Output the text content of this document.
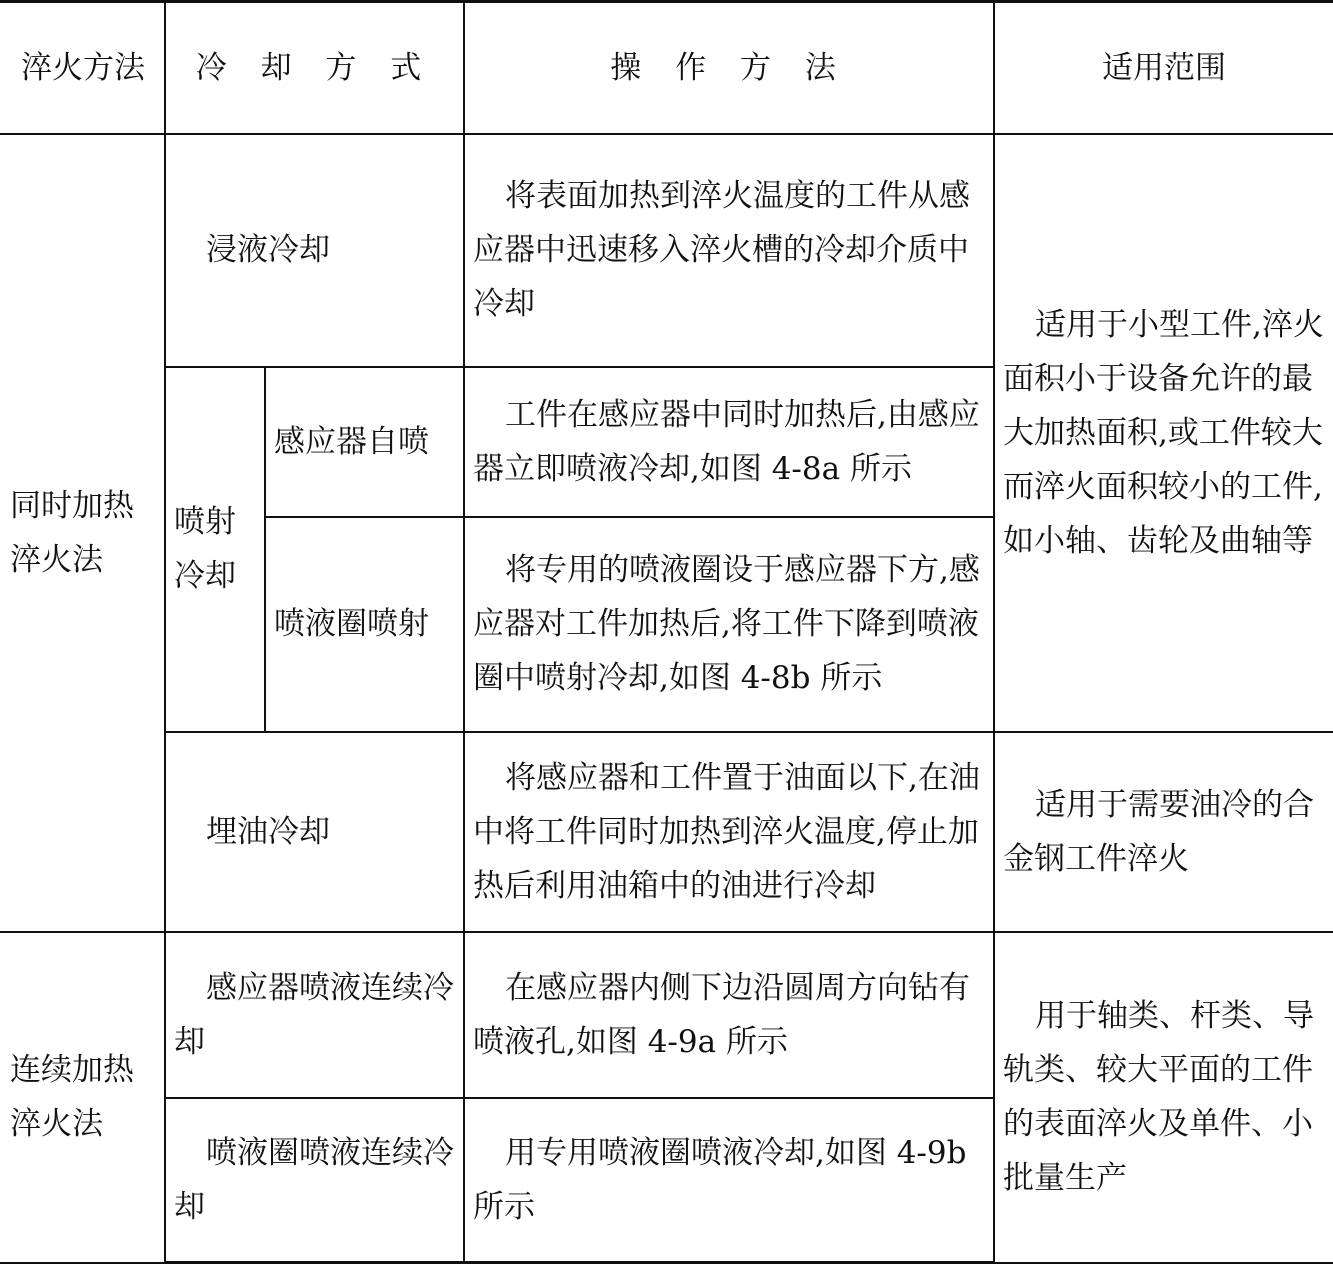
淬火方法	冷 却 方 式		操 作 方 法	适用范围
同时加热淬火法	浸液冷却		将表面加热到淬火温度的工件从感应器中迅速移入淬火槽的冷却介质中冷却	适用于小型工件,淬火面积小于设备允许的最大加热面积,或工件较大而淬火面积较小的工件,如小轴、齿轮及曲轴等
	喷射冷却	感应器自喷	工件在感应器中同时加热后,由感应器立即喷液冷却,如图 4-8a 所示	
		喷液圈喷射	将专用的喷液圈设于感应器下方,感应器对工件加热后,将工件下降到喷液圈中喷射冷却,如图 4-8b 所示	
	埋油冷却		将感应器和工件置于油面以下,在油中将工件同时加热到淬火温度,停止加热后利用油箱中的油进行冷却	适用于需要油冷的合金钢工件淬火
连续加热淬火法	感应器喷液连续冷却		在感应器内侧下边沿圆周方向钻有喷液孔,如图 4-9a 所示	用于轴类、杆类、导轨类、较大平面的工件的表面淬火及单件、小批量生产
	喷液圈喷液连续冷却		用专用喷液圈喷液冷却,如图 4-9b 所示	
